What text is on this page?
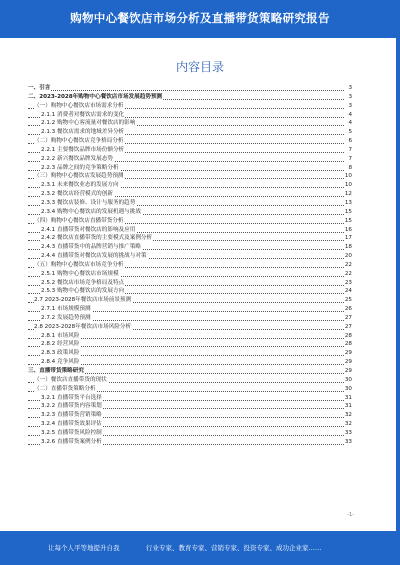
购物中心餐饮店市场分析及直播带货策略研究报告
内容目录
一、引言	3
二、2023-2028年购物中心餐饮店市场发展趋势预测	3
（一）购物中心餐饮店市场需求分析	3
2.1.1 消费者对餐饮店需求的变化	4
2.1.2 购物中心客流量对餐饮店的影响	4
2.1.3 餐饮店需求的地域差异分析	5
（二）购物中心餐饮店竞争格局分析	6
2.2.1 主要餐饮品牌市场份额分析	7
2.2.2 新兴餐饮品牌发展态势	7
2.2.3 品牌之间的竞争策略分析	8
（三）购物中心餐饮店发展趋势预测	10
2.3.1 未来餐饮业态的发展方向	10
2.3.2 餐饮店经营模式的创新	12
2.3.3 餐饮店装修、设计与服务的趋势	13
2.3.4 购物中心餐饮店的发展机遇与挑战	15
（四）购物中心餐饮店直播带货分析	15
2.4.1 直播带货对餐饮店的影响及应用	16
2.4.2 餐饮店直播带货的主要模式及案例分析	17
2.4.3 直播带货中的品牌营销与推广策略	18
2.4.4 直播带货对餐饮店发展的挑战与对策	20
（五）购物中心餐饮店市场竞争分析	22
2.5.1 购物中心餐饮店市场规模	22
2.5.2 餐饮店市场竞争格局及特点	23
2.5.3 购物中心餐饮店的发展方向	24
2.7 2023-2028年餐饮店市场前景预测	25
2.7.1 市场规模预测	26
2.7.2 发展趋势预测	27
2.8 2023-2028年餐饮店市场风险分析	27
2.8.1 市场风险	28
2.8.2 经营风险	28
2.8.3 政策风险	29
2.8.4 竞争风险	29
三、直播带货策略研究	29
（一）餐饮店直播带货的现状	30
（二）直播带货策略分析	30
3.2.1 直播带货平台选择	31
3.2.2 直播带货内容策划	31
3.2.3 直播带货营销策略	32
3.2.4 直播带货效果评估	32
3.2.5 直播带货风险控制	33
3.2.6 直播带货案例分析	33
-1-
让每个人平等地提升自我	行业专家、教育专家、营销专家、投资专家、成功企业家……
